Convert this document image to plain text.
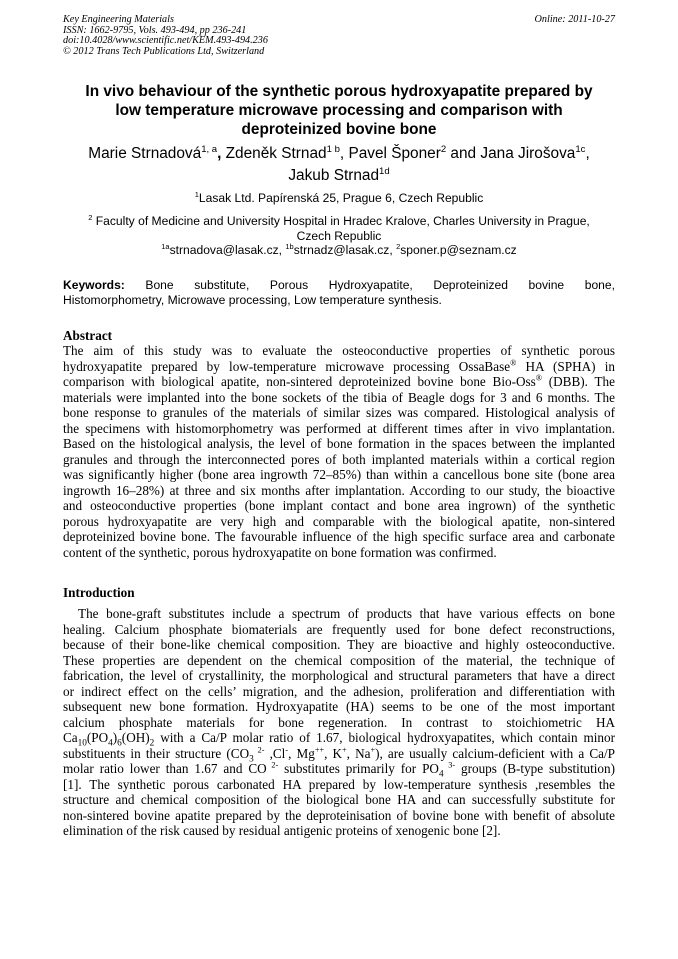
Key Engineering Materials
ISSN: 1662-9795, Vols. 493-494, pp 236-241
doi:10.4028/www.scientific.net/KEM.493-494.236
© 2012 Trans Tech Publications Ltd, Switzerland
Online: 2011-10-27
In vivo behaviour of the synthetic porous hydroxyapatite prepared by
low temperature microwave processing and comparison with
deproteinized bovine bone
Marie Strnadová$^{1, a}$, Zdeněk Strnad$^{1 b}$, Pavel Šponer$^2$ and Jana Jirošova$^{1c}$,
Jakub Strnad$^{1d}$
$^1$Lasak Ltd. Papírenská 25, Prague 6, Czech Republic
$^2$ Faculty of Medicine and University Hospital in Hradec Kralove, Charles University in Prague,
Czech Republic
$^{1a}$strnadova@lasak.cz, $^{1b}$strnadz@lasak.cz, $^2$sponer.p@seznam.cz
Keywords: Bone substitute, Porous Hydroxyapatite, Deproteinized bovine bone,
Histomorphometry, Microwave processing, Low temperature synthesis.
Abstract
The aim of this study was to evaluate the osteoconductive properties of synthetic porous
hydroxyapatite prepared by low-temperature microwave processing OssaBase® HA (SPHA) in
comparison with biological apatite, non-sintered deproteinized bovine bone Bio-Oss® (DBB). The
materials were implanted into the bone sockets of the tibia of Beagle dogs for 3 and 6 months. The
bone response to granules of the materials of similar sizes was compared. Histological analysis of
the specimens with histomorphometry was performed at different times after in vivo implantation.
Based on the histological analysis, the level of bone formation in the spaces between the implanted
granules and through the interconnected pores of both implanted materials within a cortical region
was significantly higher (bone area ingrowth 72–85%) than within a cancellous bone site (bone area
ingrowth 16–28%) at three and six months after implantation. According to our study, the bioactive
and osteoconductive properties (bone implant contact and bone area ingrown) of the synthetic
porous hydroxyapatite are very high and comparable with the biological apatite, non-sintered
deproteinized bovine bone. The favourable influence of the high specific surface area and carbonate
content of the synthetic, porous hydroxyapatite on bone formation was confirmed.
Introduction
The bone-graft substitutes include a spectrum of products that have various effects on bone
healing. Calcium phosphate biomaterials are frequently used for bone defect reconstructions,
because of their bone-like chemical composition. They are bioactive and highly osteoconductive.
These properties are dependent on the chemical composition of the material, the technique of
fabrication, the level of crystallinity, the morphological and structural parameters that have a direct
or indirect effect on the cells’ migration, and the adhesion, proliferation and differentiation with
subsequent new bone formation. Hydroxyapatite (HA) seems to be one of the most important
calcium phosphate materials for bone regeneration. In contrast to stoichiometric HA
$Ca_{10}(PO_4)_6(OH)_2$ with a Ca/P molar ratio of 1.67, biological hydroxyapatites, which contain minor
substituents in their structure ($CO_3$ $^{2-}$ ,Cl-, Mg++, K+, Na+), are usually calcium-deficient with a Ca/P
molar ratio lower than 1.67 and CO $^{2-}$ substitutes primarily for $PO_4$ $^{3-}$ groups (B-type substitution)
[1]. The synthetic porous carbonated HA prepared by low-temperature synthesis ,resembles the
structure and chemical composition of the biological bone HA and can successfully substitute for
non-sintered bovine apatite prepared by the deproteinisation of bovine bone with benefit of absolute
elimination of the risk caused by residual antigenic proteins of xenogenic bone [2].
